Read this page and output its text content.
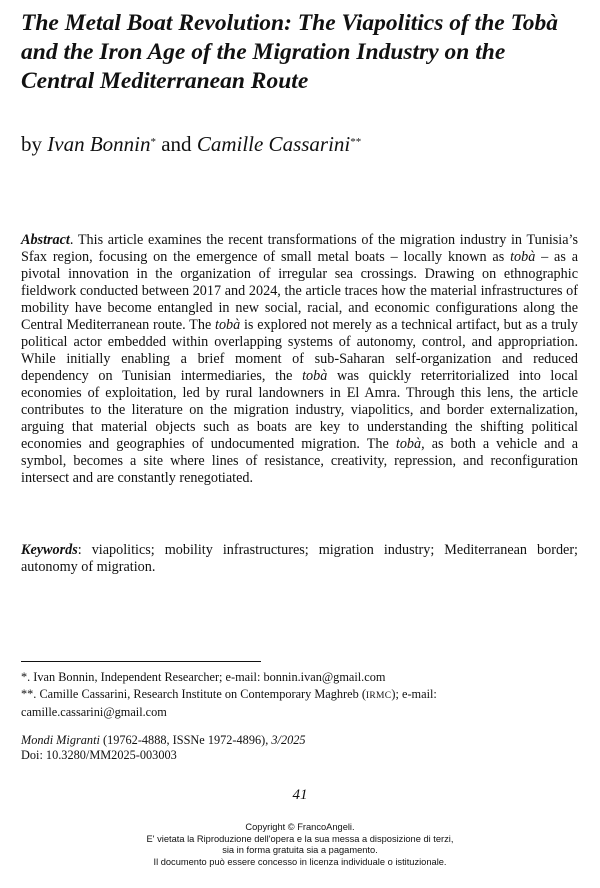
The Metal Boat Revolution: The Viapolitics of the Tobà and the Iron Age of the Migration Industry on the Central Mediterranean Route

by Ivan Bonnin* and Camille Cassarini**

Abstract. This article examines the recent transformations of the migration industry in Tunisia’s Sfax region, focusing on the emergence of small metal boats – locally known as tobà – as a pivotal innovation in the organization of irregular sea crossings. Drawing on ethnographic fieldwork conducted between 2017 and 2024, the article traces how the material infrastructures of mobility have become entangled in new social, racial, and economic configurations along the Central Mediterranean route. The tobà is explored not merely as a technical artifact, but as a truly political actor embedded within overlapping systems of autonomy, control, and appropriation. While initially enabling a brief moment of sub-Saharan self-organization and reduced dependency on Tunisian intermediaries, the tobà was quickly reterritorialized into local economies of exploitation, led by rural landowners in El Amra. Through this lens, the article contributes to the literature on the migration industry, viapolitics, and border externalization, arguing that material objects such as boats are key to understanding the shifting political economies and geographies of undocumented migration. The tobà, as both a vehicle and a symbol, becomes a site where lines of resistance, creativity, repression, and reconfiguration intersect and are constantly renegotiated.

Keywords: viapolitics; mobility infrastructures; migration industry; Mediterranean border; autonomy of migration.

*. Ivan Bonnin, Independent Researcher; e-mail: bonnin.ivan@gmail.com

**. Camille Cassarini, Research Institute on Contemporary Maghreb (IRMC); e-mail: camille.cassarini@gmail.com

Mondi Migranti (19762-4888, ISSNe 1972-4896), 3/2025
Doi: 10.3280/MM2025-003003
41
Copyright © FrancoAngeli.
E' vietata la Riproduzione dell'opera e la sua messa a disposizione di terzi,
sia in forma gratuita sia a pagamento.
Il documento può essere concesso in licenza individuale o istituzionale.
